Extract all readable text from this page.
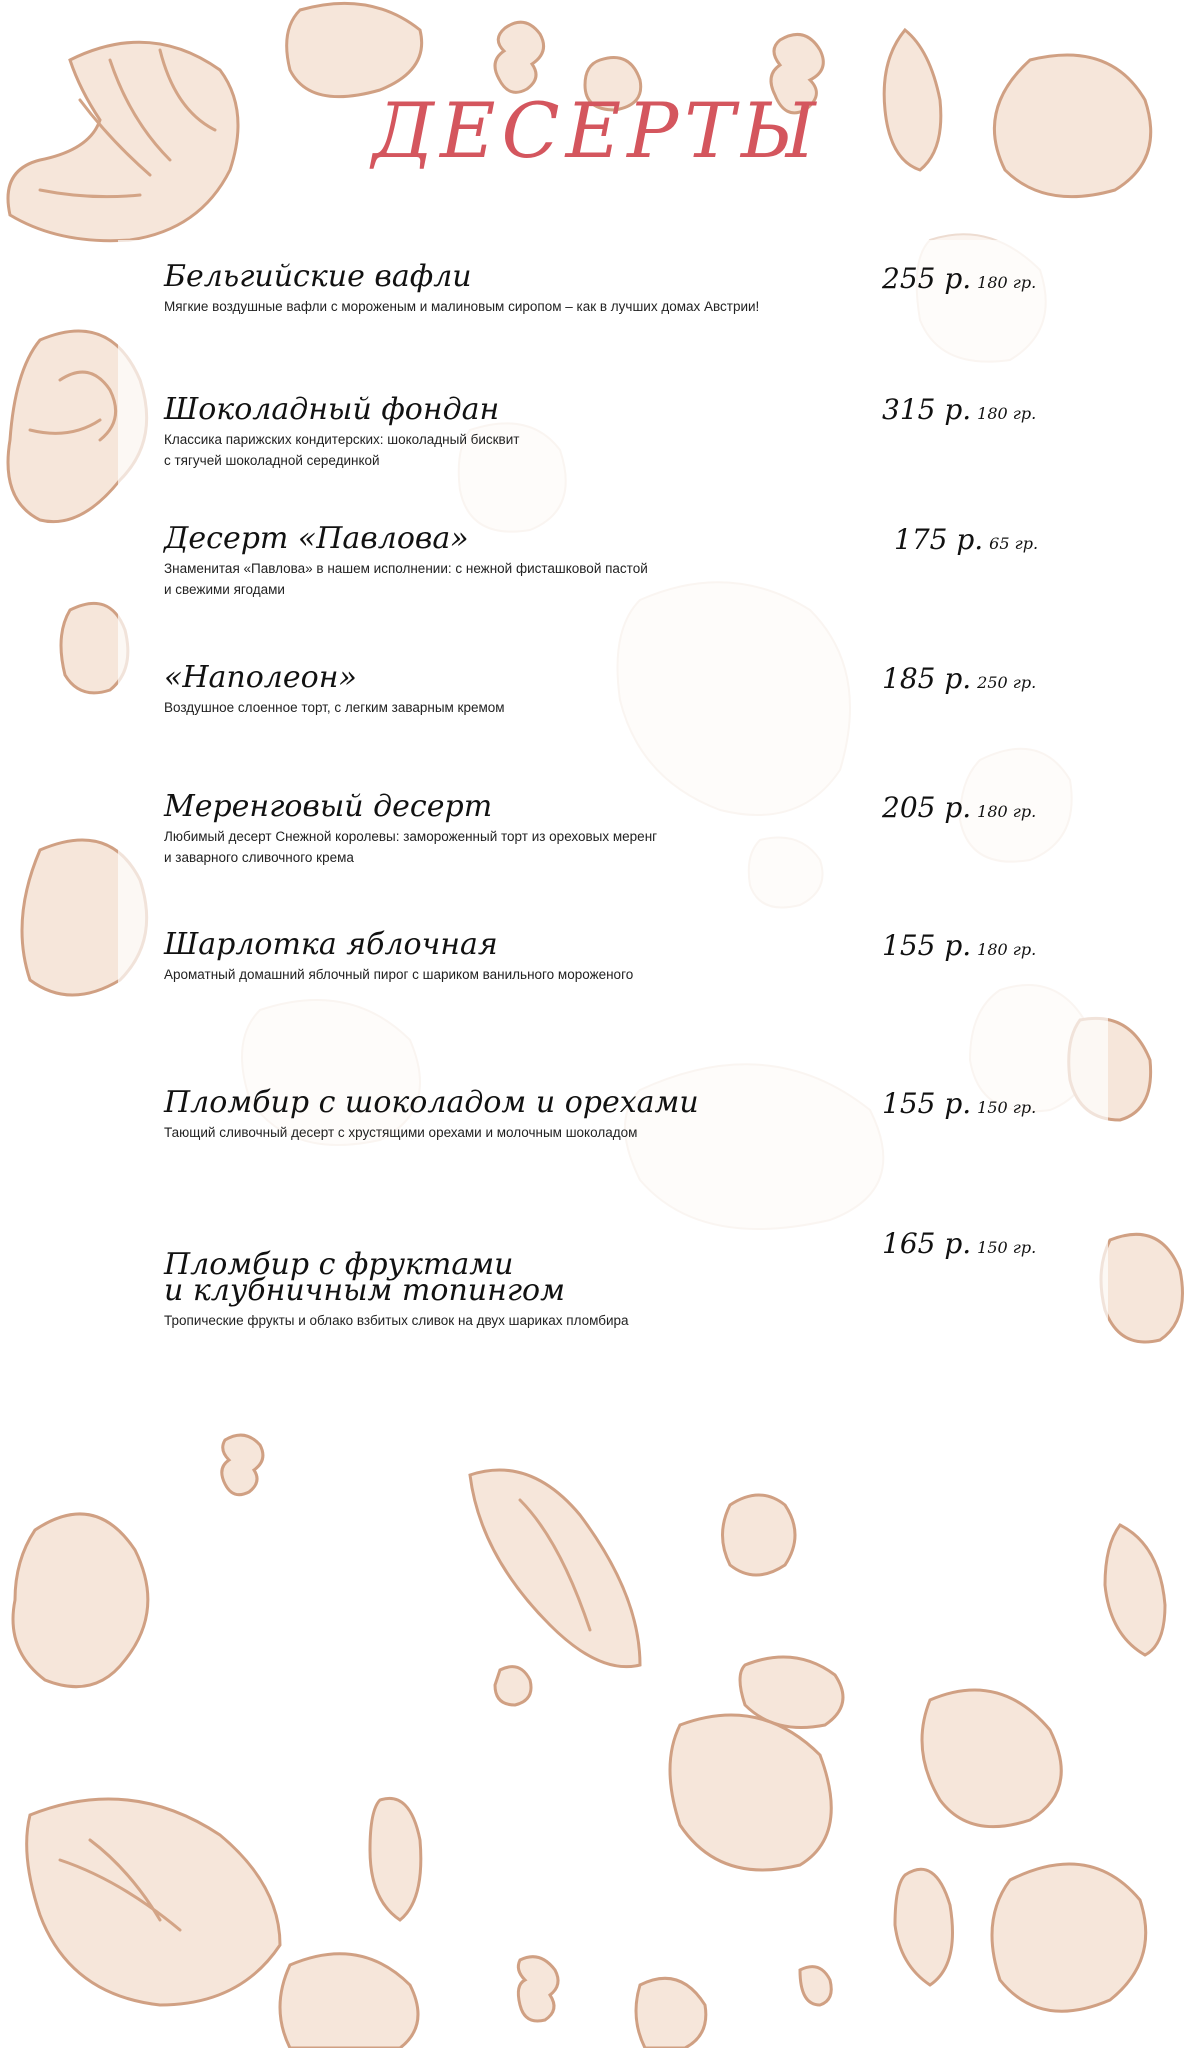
ДЕСЕРТЫ
Бельгийские вафли
Мягкие воздушные вафли с мороженым и малиновым сиропом – как в лучших домах Австрии!
255 р. 180 гр.
Шоколадный фондан
Классика парижских кондитерских: шоколадный бисквит
с тягучей шоколадной серединкой
315 р. 180 гр.
Десерт «Павлова»
Знаменитая «Павлова» в нашем исполнении: с нежной фисташковой пастой
и свежими ягодами
175 р. 65 гр.
«Наполеон»
Воздушное слоенное торт, с легким заварным кремом
185 р. 250 гр.
Меренговый десерт
Любимый десерт Снежной королевы: замороженный торт из ореховых меренг
и заварного сливочного крема
205 р. 180 гр.
Шарлотка яблочная
Ароматный домашний яблочный пирог с шариком ванильного мороженого
155 р. 180 гр.
Пломбир с шоколадом и орехами
Тающий сливочный десерт с хрустящими орехами и молочным шоколадом
155 р. 150 гр.
Пломбир с фруктами
и клубничным топингом
Тропические фрукты и облако взбитых сливок на двух шариках пломбира
165 р. 150 гр.
